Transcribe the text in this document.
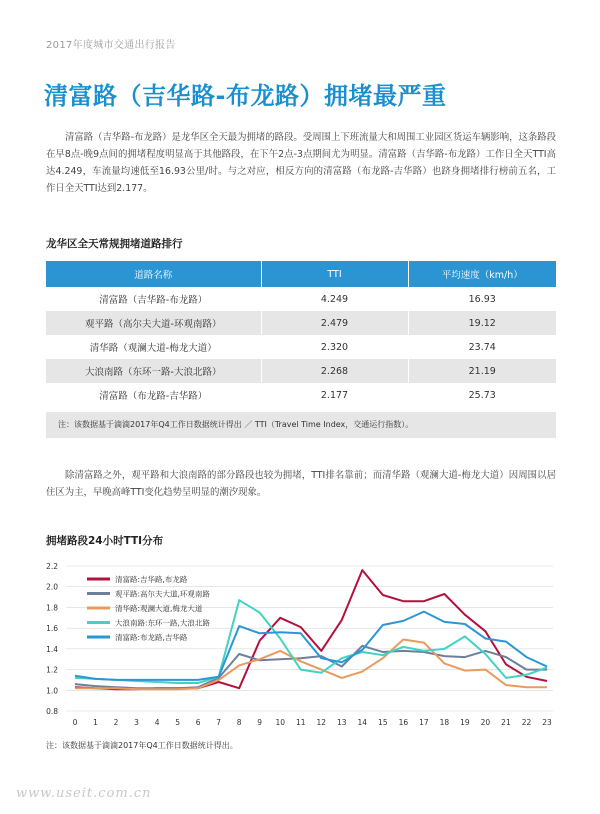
2017年度城市交通出行报告
清富路（吉华路-布龙路）拥堵最严重
清富路（吉华路-布龙路）是龙华区全天最为拥堵的路段。受周围上下班流量大和周围工业园区货运车辆影响，这条路段在早8点-晚9点间的拥堵程度明显高于其他路段，在下午2点-3点期间尤为明显。清富路（吉华路-布龙路）工作日全天TTI高达4.249，车流量均速低至16.93公里/时。与之对应，相反方向的清富路（布龙路-吉华路）也跻身拥堵排行榜前五名，工作日全天TTI达到2.177。
龙华区全天常规拥堵道路排行
道路名称	TTI	平均速度（km/h）
清富路（吉华路-布龙路）	4.249	16.93
观平路（高尔夫大道-环观南路）	2.479	19.12
清华路（观澜大道-梅龙大道）	2.320	23.74
大浪南路（东环一路-大浪北路）	2.268	21.19
清富路（布龙路-吉华路）	2.177	25.73
注：该数据基于滴滴2017年Q4工作日数据统计得出 ／ TTI（Travel Time Index，交通运行指数）。
除清富路之外，观平路和大浪南路的部分路段也较为拥堵，TTI排名靠前；而清华路（观澜大道-梅龙大道）因周围以居住区为主，早晚高峰TTI变化趋势呈明显的潮汐现象。
拥堵路段24小时TTI分布
0.8
1.0
1.2
1.4
1.6
1.8
2.0
2.2
0 1 2 3 4 5 6 7 8 9 10 11 12 13 14 15 16 17 18 19 20 21 22 23
清富路:吉华路,布龙路
观平路:高尔夫大道,环观南路
清华路:观澜大道,梅龙大道
大浪南路:东环一路,大浪北路
清富路:布龙路,吉华路
注：该数据基于滴滴2017年Q4工作日数据统计得出。
www.useit.com.cn
